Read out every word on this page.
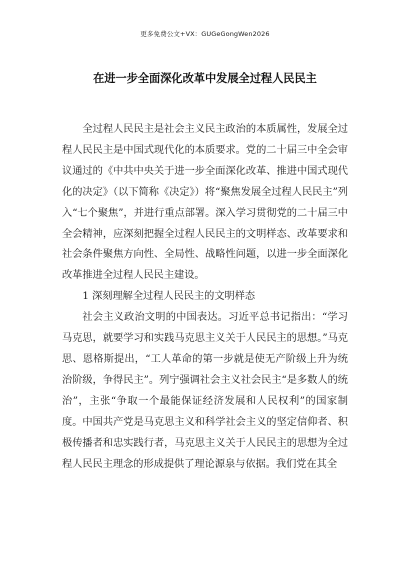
更多免费公文+VX：GUGeGongWen2026
在进一步全面深化改革中发展全过程人民民主

全过程人民民主是社会主义民主政治的本质属性，发展全过程人民民主是中国式现代化的本质要求。党的二十届三中全会审议通过的《中共中央关于进一步全面深化改革、推进中国式现代化的决定》（以下简称《决定》）将“聚焦发展全过程人民民主”列入“七个聚焦”，并进行重点部署。深入学习贯彻党的二十届三中全会精神，应深刻把握全过程人民民主的文明样态、改革要求和社会条件聚焦方向性、全局性、战略性问题，以进一步全面深化改革推进全过程人民民主建设。

1 深刻理解全过程人民民主的文明样态

社会主义政治文明的中国表达。习近平总书记指出：“学习马克思，就要学习和实践马克思主义关于人民民主的思想。”马克思、恩格斯提出，“工人革命的第一步就是使无产阶级上升为统治阶级，争得民主”。列宁强调社会主义社会民主“是多数人的统治”，主张“争取一个最能保证经济发展和人民权利”的国家制度。中国共产党是马克思主义和科学社会主义的坚定信仰者、积极传播者和忠实践行者，马克思主义关于人民民主的思想为全过程人民民主理念的形成提供了理论源泉与依据。我们党在其全
